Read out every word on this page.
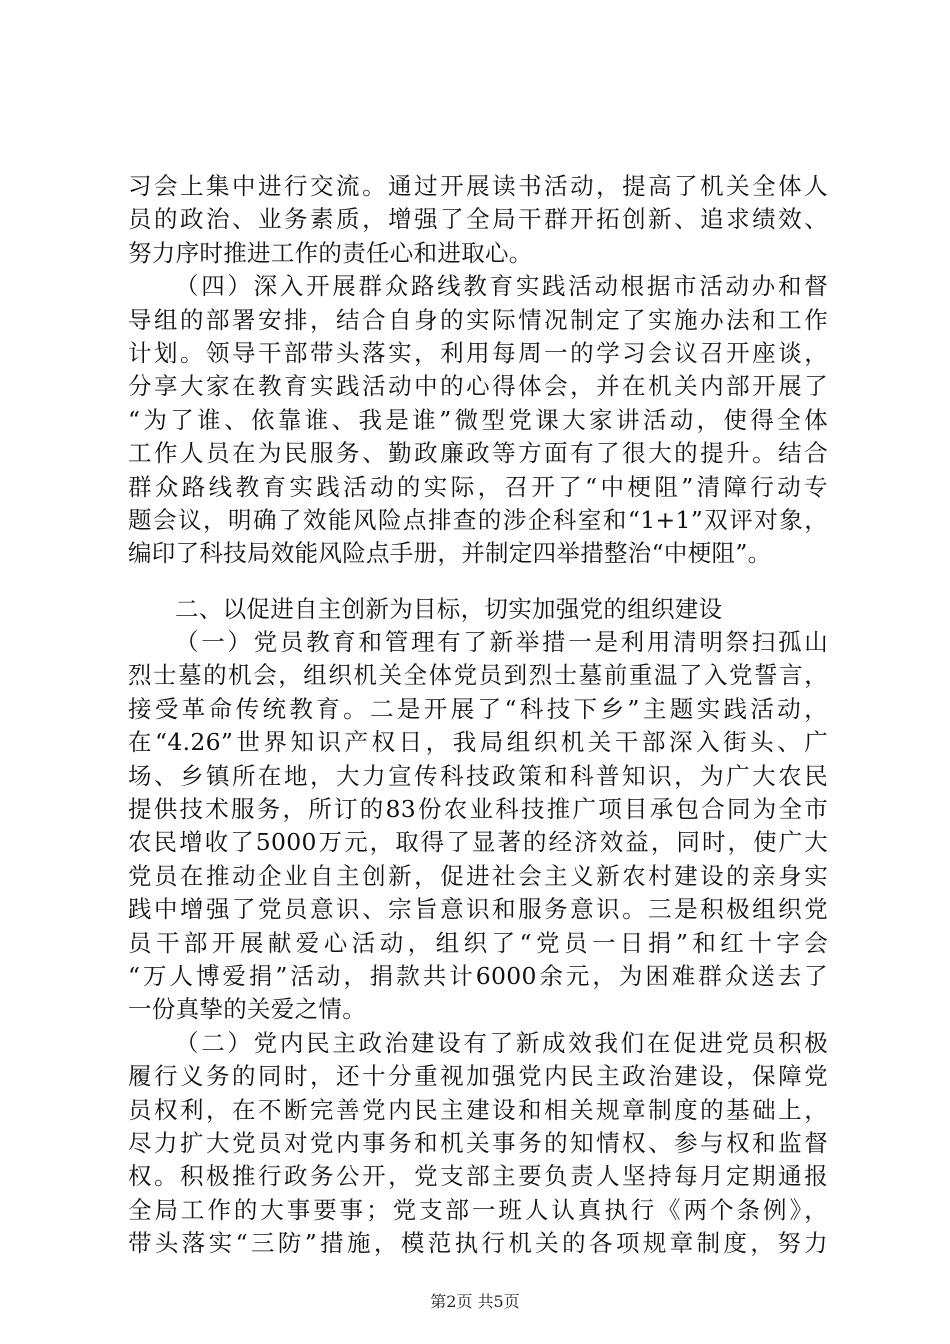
习会上集中进行交流。通过开展读书活动，提高了机关全体人
员的政治、业务素质，增强了全局干群开拓创新、追求绩效、
努力序时推进工作的责任心和进取心。
（四）深入开展群众路线教育实践活动根据市活动办和督
导组的部署安排，结合自身的实际情况制定了实施办法和工作
计划。领导干部带头落实，利用每周一的学习会议召开座谈，
分享大家在教育实践活动中的心得体会，并在机关内部开展了
“为了谁、依靠谁、我是谁”微型党课大家讲活动，使得全体
工作人员在为民服务、勤政廉政等方面有了很大的提升。结合
群众路线教育实践活动的实际，召开了“中梗阻”清障行动专
题会议，明确了效能风险点排查的涉企科室和“1+1”双评对象，
编印了科技局效能风险点手册，并制定四举措整治“中梗阻”。
二、以促进自主创新为目标，切实加强党的组织建设
（一）党员教育和管理有了新举措一是利用清明祭扫孤山
烈士墓的机会，组织机关全体党员到烈士墓前重温了入党誓言，
接受革命传统教育。二是开展了“科技下乡”主题实践活动，
在“4.26”世界知识产权日，我局组织机关干部深入街头、广
场、乡镇所在地，大力宣传科技政策和科普知识，为广大农民
提供技术服务，所订的83份农业科技推广项目承包合同为全市
农民增收了5000万元，取得了显著的经济效益，同时，使广大
党员在推动企业自主创新，促进社会主义新农村建设的亲身实
践中增强了党员意识、宗旨意识和服务意识。三是积极组织党
员干部开展献爱心活动，组织了“党员一日捐”和红十字会
“万人博爱捐”活动，捐款共计6000余元，为困难群众送去了
一份真挚的关爱之情。
（二）党内民主政治建设有了新成效我们在促进党员积极
履行义务的同时，还十分重视加强党内民主政治建设，保障党
员权利，在不断完善党内民主建设和相关规章制度的基础上，
尽力扩大党员对党内事务和机关事务的知情权、参与权和监督
权。积极推行政务公开，党支部主要负责人坚持每月定期通报
全局工作的大事要事；党支部一班人认真执行《两个条例》，
带头落实“三防”措施，模范执行机关的各项规章制度，努力
第2页 共5页
